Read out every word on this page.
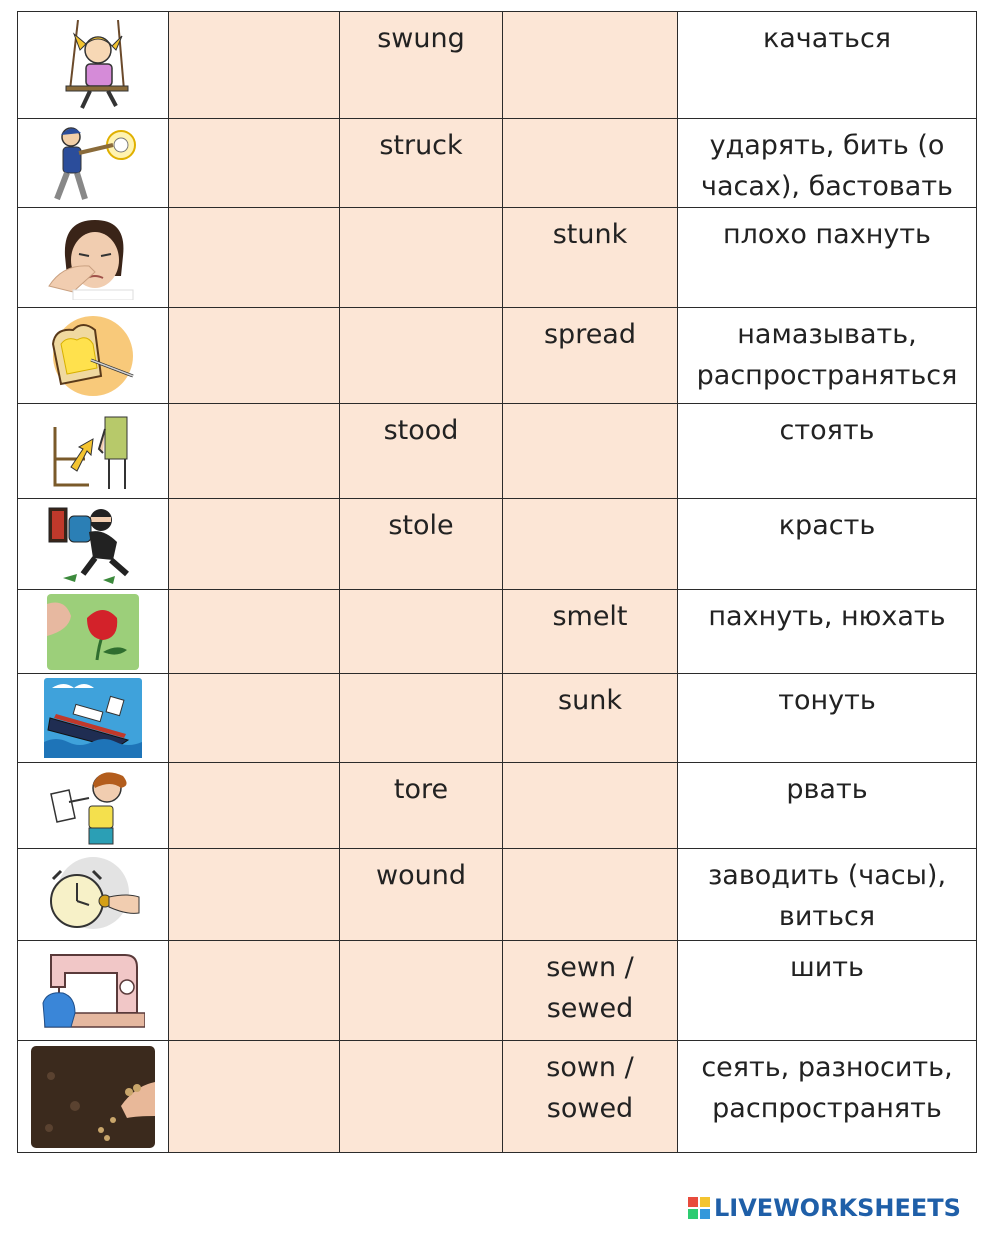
swung		качаться

struck		ударять, бить (о
часах), бастовать

stunk	плохо пахнуть

spread	намазывать,
распространяться

stood		стоять

stole		красть

smelt	пахнуть, нюхать

sunk	тонуть

tore		рвать

wound		заводить (часы),
виться

sewn /
sewed	шить

sown /
sowed	сеять, разносить,
распространять
LIVEWORKSHEETS
